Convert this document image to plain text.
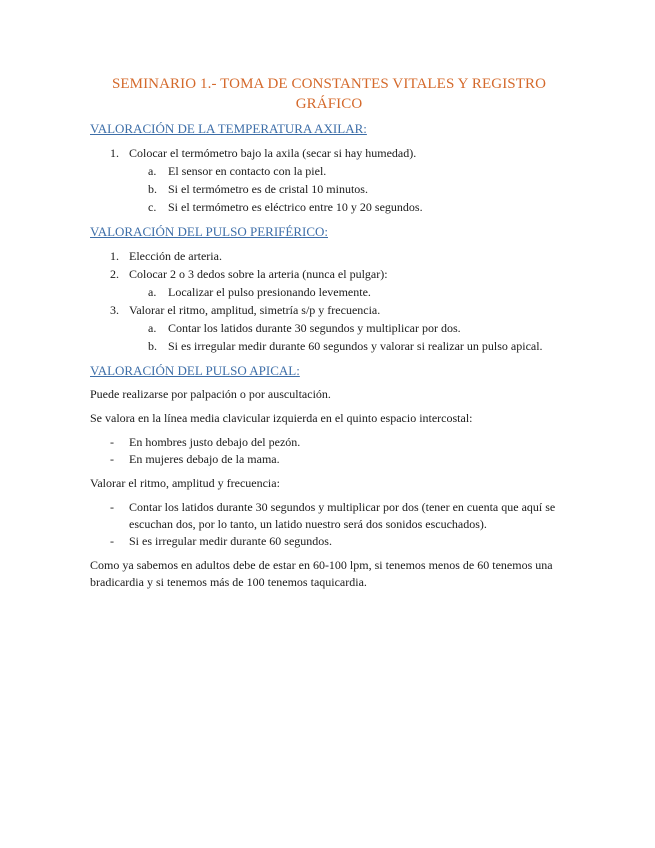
SEMINARIO 1.- TOMA DE CONSTANTES VITALES Y REGISTRO GRÁFICO
VALORACIÓN DE LA TEMPERATURA AXILAR:
1. Colocar el termómetro bajo la axila (secar si hay humedad).
a. El sensor en contacto con la piel.
b. Si el termómetro es de cristal 10 minutos.
c. Si el termómetro es eléctrico entre 10 y 20 segundos.
VALORACIÓN DEL PULSO PERIFÉRICO:
1. Elección de arteria.
2. Colocar 2 o 3 dedos sobre la arteria (nunca el pulgar):
a. Localizar el pulso presionando levemente.
3. Valorar el ritmo, amplitud, simetría s/p y frecuencia.
a. Contar los latidos durante 30 segundos y multiplicar por dos.
b. Si es irregular medir durante 60 segundos y valorar si realizar un pulso apical.
VALORACIÓN DEL PULSO APICAL:

Puede realizarse por palpación o por auscultación.

Se valora en la línea media clavicular izquierda en el quinto espacio intercostal:

- En hombres justo debajo del pezón.
- En mujeres debajo de la mama.

Valorar el ritmo, amplitud y frecuencia:

- Contar los latidos durante 30 segundos y multiplicar por dos (tener en cuenta que aquí se escuchan dos, por lo tanto, un latido nuestro será dos sonidos escuchados).
- Si es irregular medir durante 60 segundos.

Como ya sabemos en adultos debe de estar en 60-100 lpm, si tenemos menos de 60 tenemos una bradicardia y si tenemos más de 100 tenemos taquicardia.
